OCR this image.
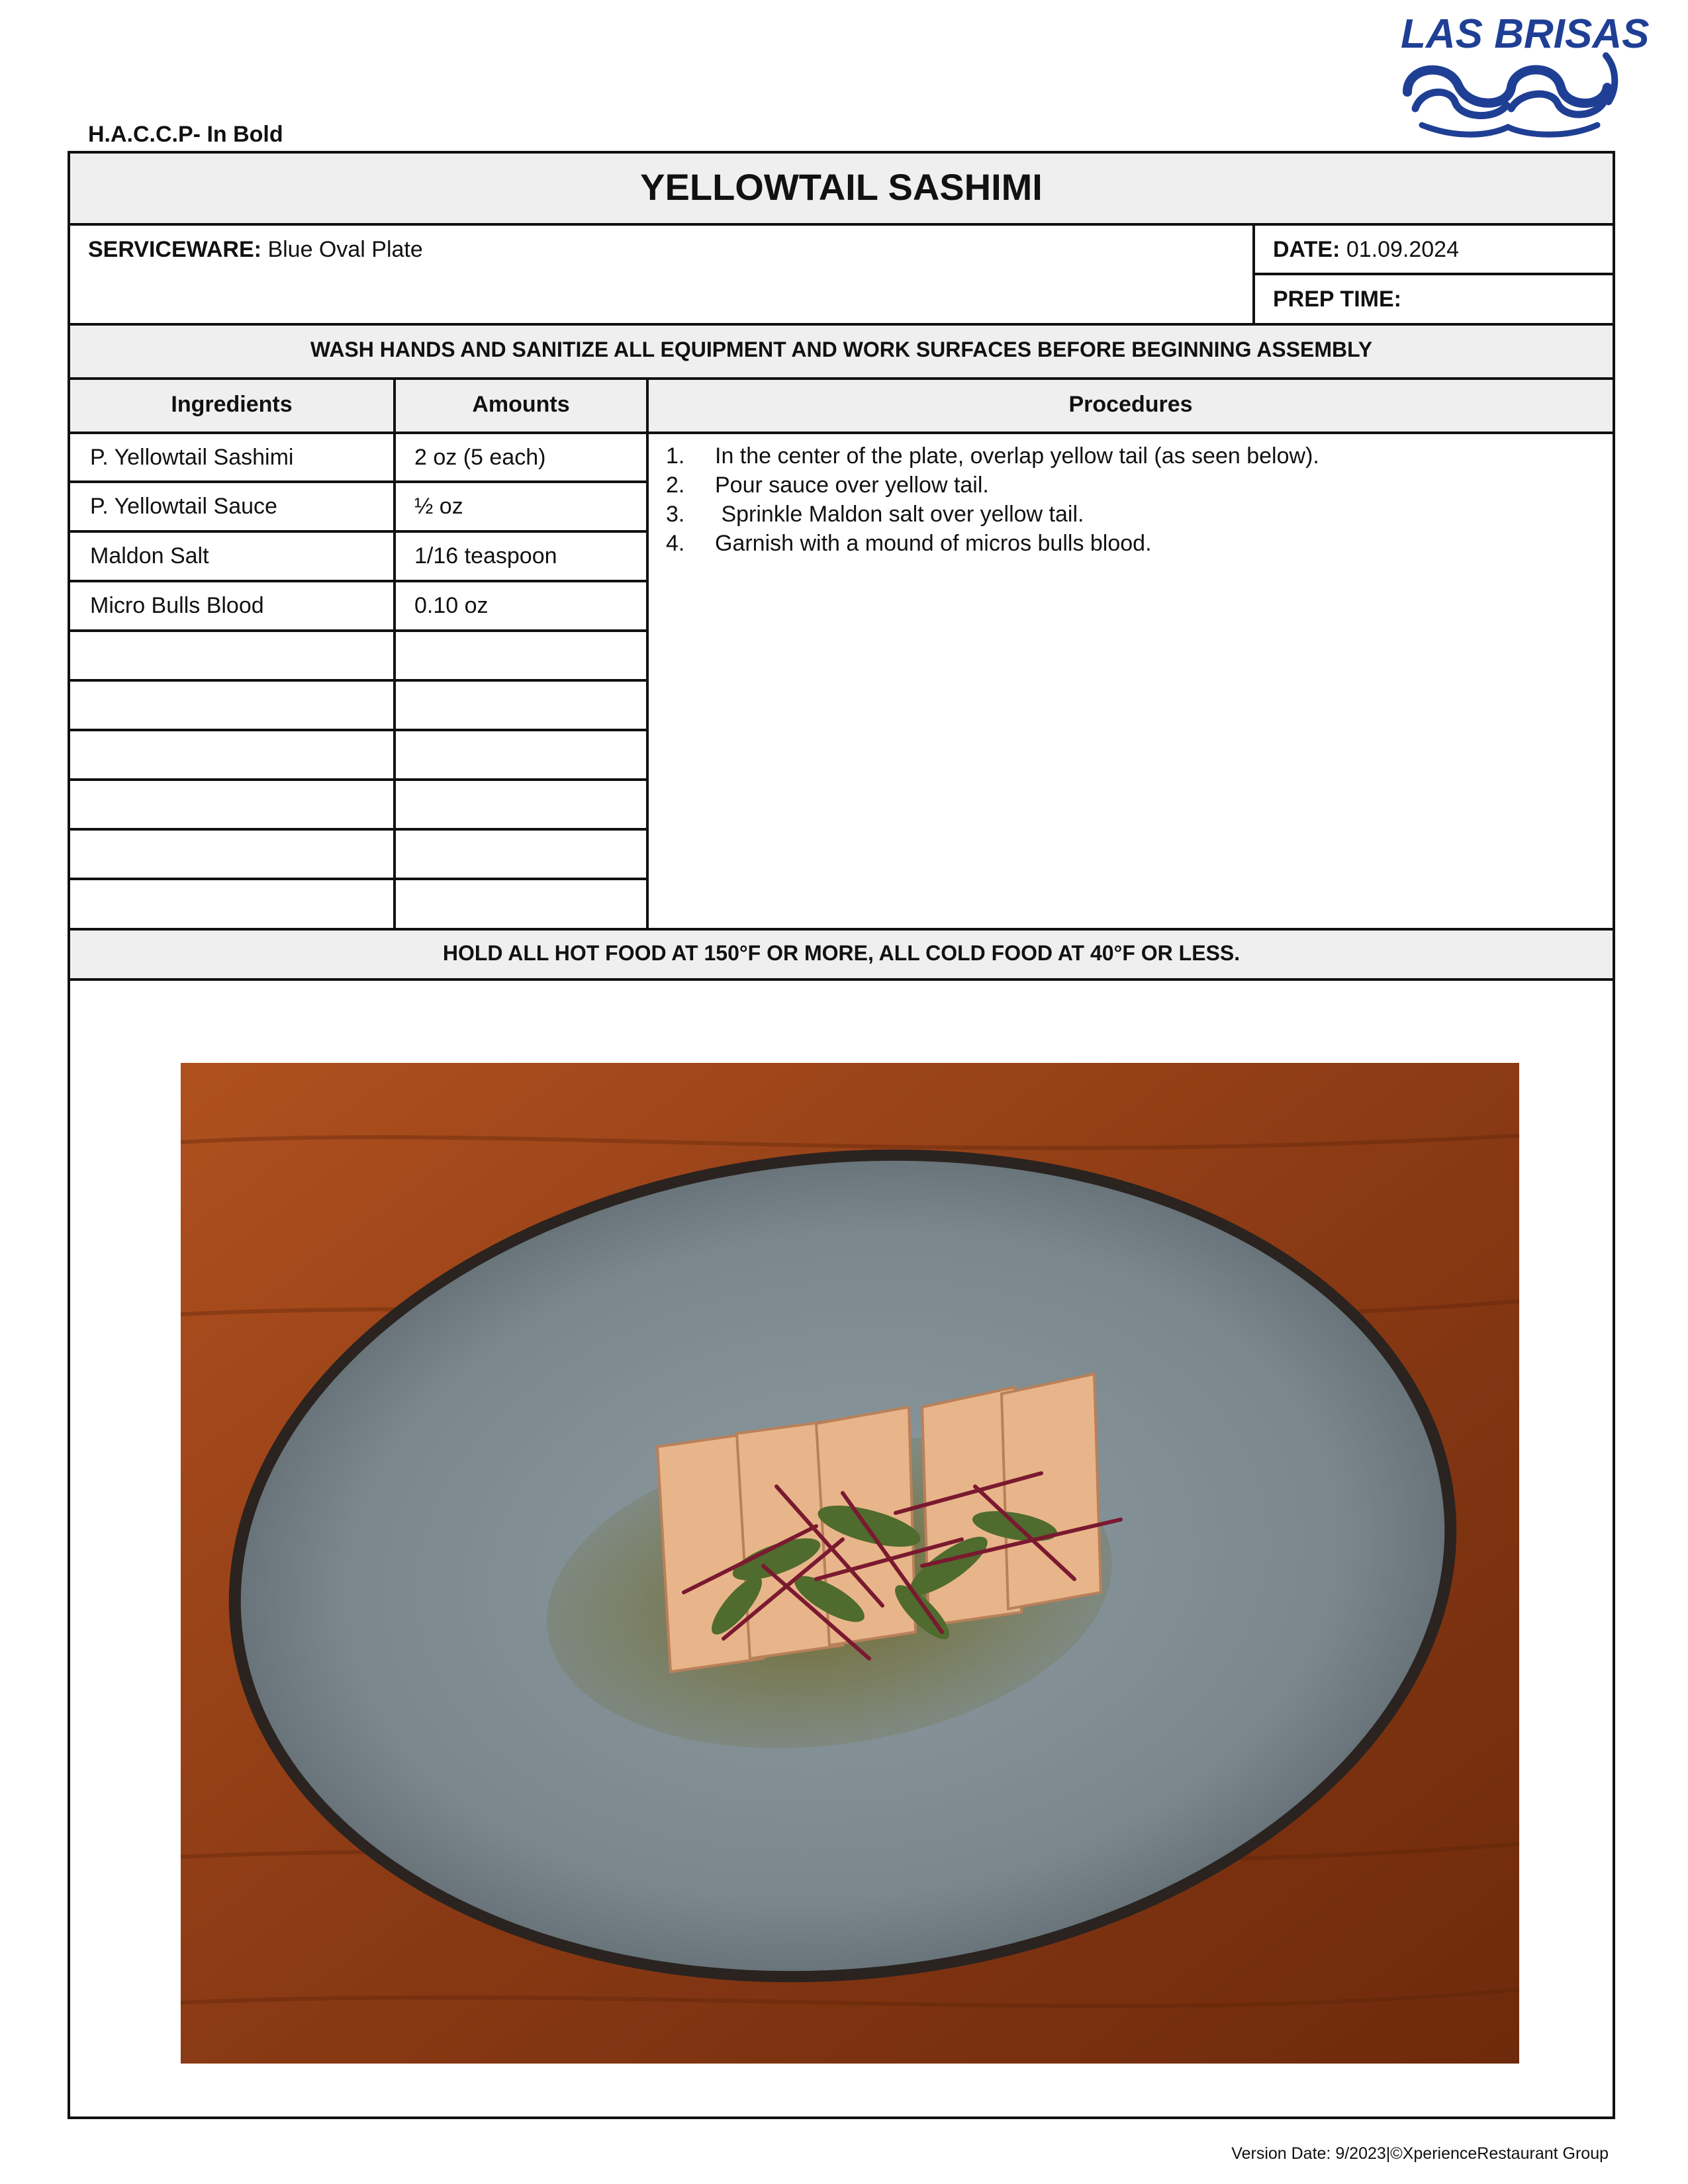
H.A.C.C.P- In Bold
LAS BRISAS
YELLOWTAIL SASHIMI
SERVICEWARE: Blue Oval Plate	DATE: 01.09.2024
PREP TIME:
WASH HANDS AND SANITIZE ALL EQUIPMENT AND WORK SURFACES BEFORE BEGINNING ASSEMBLY
Ingredients	Amounts	Procedures
P. Yellowtail Sashimi	2 oz (5 each)
P. Yellowtail Sauce	½ oz
Maldon Salt	1/16 teaspoon
Micro Bulls Blood	0.10 oz
1. In the center of the plate, overlap yellow tail (as seen below).
2. Pour sauce over yellow tail.
3. Sprinkle Maldon salt over yellow tail.
4. Garnish with a mound of micros bulls blood.
HOLD ALL HOT FOOD AT 150°F OR MORE, ALL COLD FOOD AT 40°F OR LESS.
Version Date: 9/2023|©XperienceRestaurant Group
